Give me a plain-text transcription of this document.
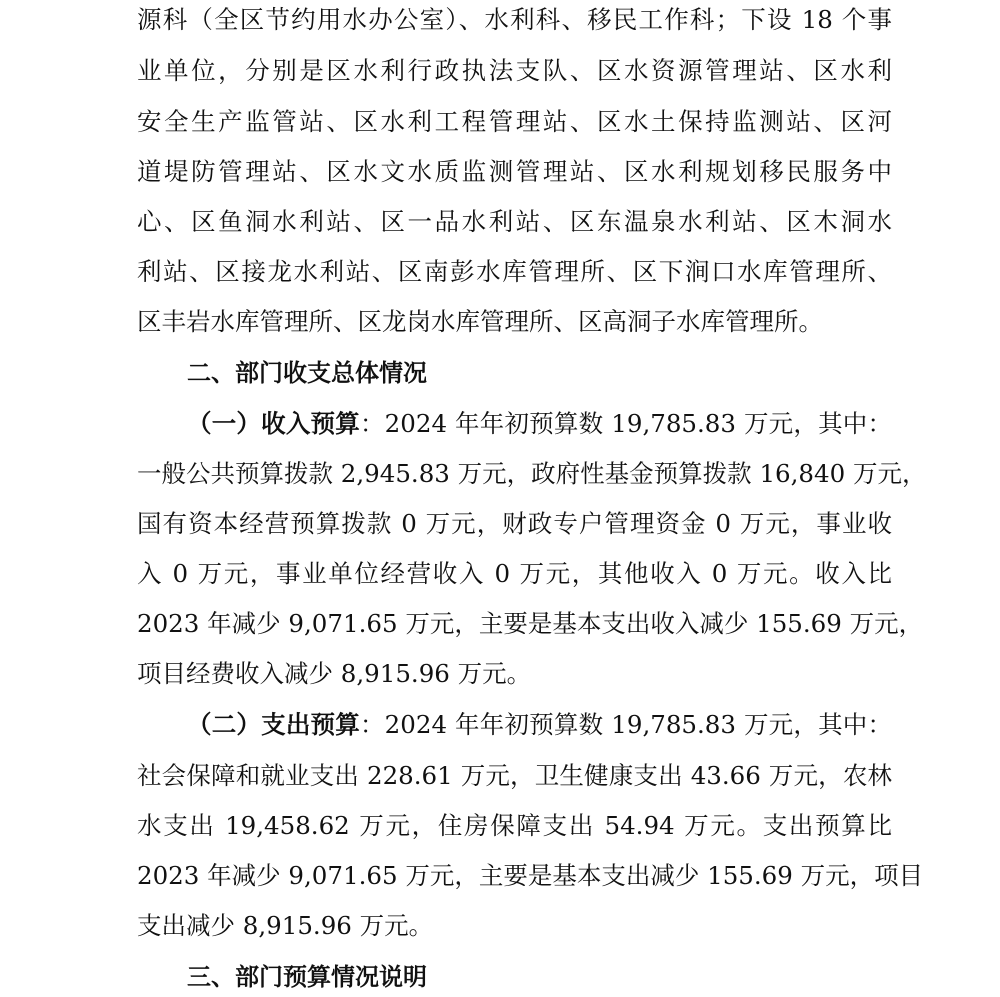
源科（全区节约用水办公室）、水利科、移民工作科；下设 18 个事
业单位，分别是区水利行政执法支队、区水资源管理站、区水利
安全生产监管站、区水利工程管理站、区水土保持监测站、区河
道堤防管理站、区水文水质监测管理站、区水利规划移民服务中
心、区鱼洞水利站、区一品水利站、区东温泉水利站、区木洞水
利站、区接龙水利站、区南彭水库管理所、区下涧口水库管理所、
区丰岩水库管理所、区龙岗水库管理所、区高洞子水库管理所。
二、部门收支总体情况
（一）收入预算：2024 年年初预算数 19,785.83 万元，其中：
一般公共预算拨款 2,945.83 万元，政府性基金预算拨款 16,840 万元，
国有资本经营预算拨款 0 万元，财政专户管理资金 0 万元，事业收
入 0 万元，事业单位经营收入 0 万元，其他收入 0 万元。收入比
2023 年减少 9,071.65 万元，主要是基本支出收入减少 155.69 万元，
项目经费收入减少 8,915.96 万元。
（二）支出预算：2024 年年初预算数 19,785.83 万元，其中：
社会保障和就业支出 228.61 万元，卫生健康支出 43.66 万元，农林
水支出 19,458.62 万元，住房保障支出 54.94 万元。支出预算比
2023 年减少 9,071.65 万元，主要是基本支出减少 155.69 万元，项目
支出减少 8,915.96 万元。
三、部门预算情况说明
